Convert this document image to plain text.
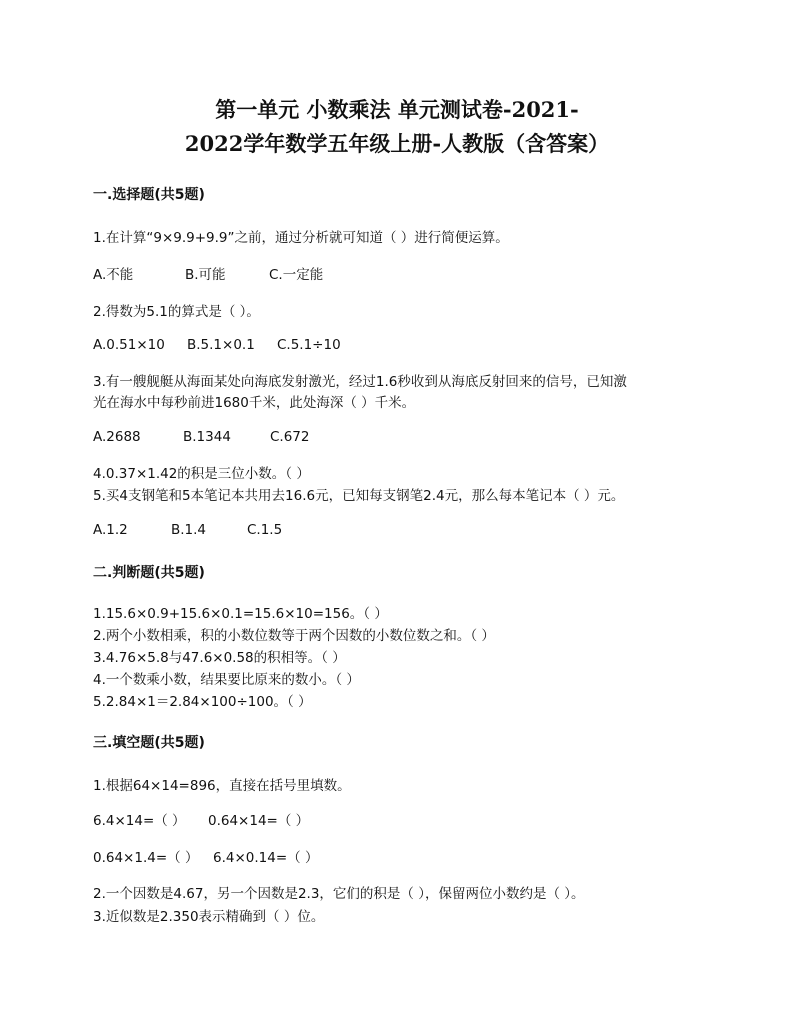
第一单元 小数乘法 单元测试卷-2021-
2022学年数学五年级上册-人教版（含答案）
一.选择题(共5题)
1.在计算“9×9.9+9.9”之前，通过分析就可知道（ ）进行简便运算。
A.不能	B.可能	C.一定能
2.得数为5.1的算式是（ ）。
A.0.51×10 B.5.1×0.1 C.5.1÷10
3.有一艘舰艇从海面某处向海底发射激光，经过1.6秒收到从海底反射回来的信号，已知激
光在海水中每秒前进1680千米，此处海深（ ）千米。
A.2688	B.1344	C.672
4.0.37×1.42的积是三位小数。（ ）
5.买4支钢笔和5本笔记本共用去16.6元，已知每支钢笔2.4元，那么每本笔记本（ ）元。
A.1.2	B.1.4	C.1.5
二.判断题(共5题)
1.15.6×0.9+15.6×0.1=15.6×10=156。（ ）
2.两个小数相乘，积的小数位数等于两个因数的小数位数之和。（ ）
3.4.76×5.8与47.6×0.58的积相等。（ ）
4.一个数乘小数，结果要比原来的数小。（ ）
5.2.84×1＝2.84×100÷100。（ ）
三.填空题(共5题)
1.根据64×14=896，直接在括号里填数。
6.4×14=（ ） 0.64×14=（ ）
0.64×1.4=（ ） 6.4×0.14=（ ）
2.一个因数是4.67，另一个因数是2.3，它们的积是（ ），保留两位小数约是（ ）。
3.近似数是2.350表示精确到（ ）位。
